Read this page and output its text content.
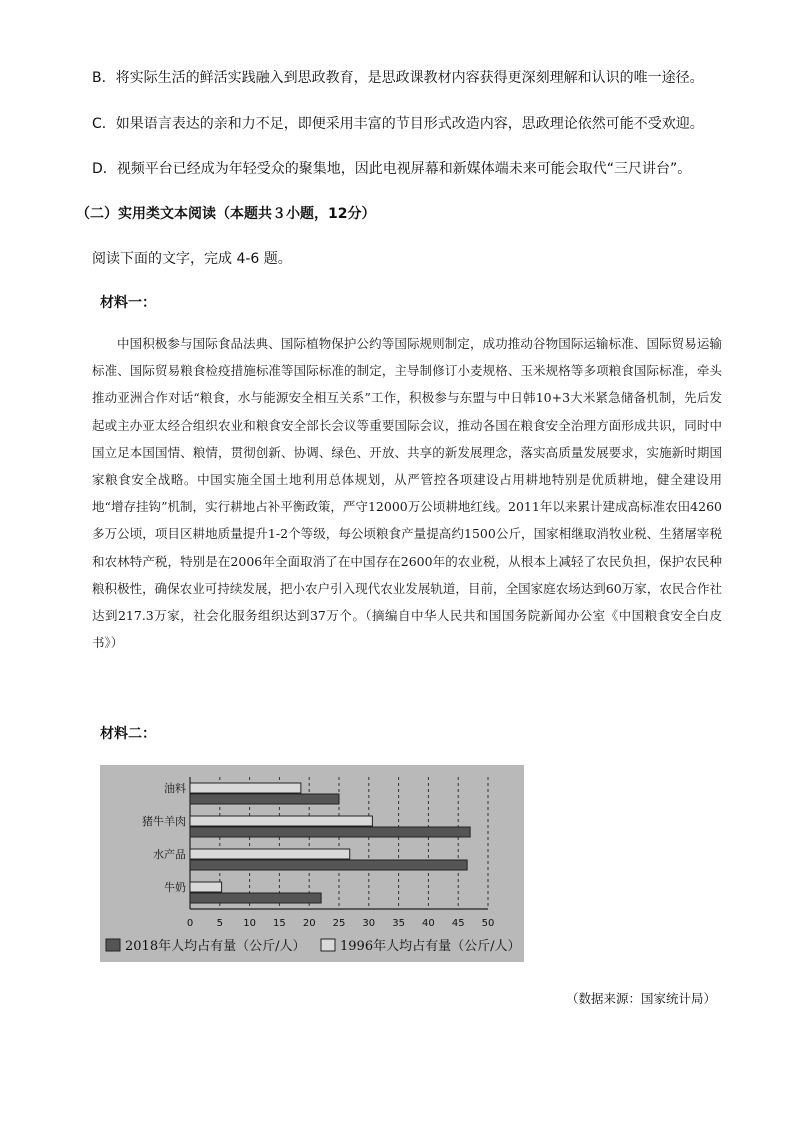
B．将实际生活的鲜活实践融入到思政教育，是思政课教材内容获得更深刻理解和认识的唯一途径。
C．如果语言表达的亲和力不足，即便采用丰富的节目形式改造内容，思政理论依然可能不受欢迎。
D．视频平台已经成为年轻受众的聚集地，因此电视屏幕和新媒体端未来可能会取代“三尺讲台”。
（二）实用类文本阅读（本题共３小题，12分）
阅读下面的文字，完成 4-6 题。
材料一：
中国积极参与国际食品法典、国际植物保护公约等国际规则制定，成功推动谷物国际运输标准、国际贸易运输标准、国际贸易粮食检疫措施标准等国际标准的制定，主导制修订小麦规格、玉米规格等多项粮食国际标准，牵头推动亚洲合作对话“粮食，水与能源安全相互关系”工作，积极参与东盟与中日韩10+3大米紧急储备机制，先后发起或主办亚太经合组织农业和粮食安全部长会议等重要国际会议，推动各国在粮食安全治理方面形成共识，同时中国立足本国国情、粮情，贯彻创新、协调、绿色、开放、共享的新发展理念，落实高质量发展要求，实施新时期国家粮食安全战略。中国实施全国土地利用总体规划，从严管控各项建设占用耕地特别是优质耕地，健全建设用地“增存挂钩”机制，实行耕地占补平衡政策，严守12000万公顷耕地红线。2011年以来累计建成高标准农田4260多万公顷，项目区耕地质量提升1-2个等级，每公顷粮食产量提高约1500公斤，国家相继取消牧业税、生猪屠宰税和农林特产税，特别是在2006年全面取消了在中国存在2600年的农业税，从根本上减轻了农民负担，保护农民种粮积极性，确保农业可持续发展，把小农户引入现代农业发展轨道，目前，全国家庭农场达到60万家，农民合作社达到217.3万家，社会化服务组织达到37万个。（摘编自中华人民共和国国务院新闻办公室《中国粮食安全白皮书》）
材料二：
油料
猪牛羊肉
水产品
牛奶
0 5 10 15 20 25 30 35 40 45 50
2018年人均占有量（公斤/人）	1996年人均占有量（公斤/人）
（数据来源：国家统计局）
